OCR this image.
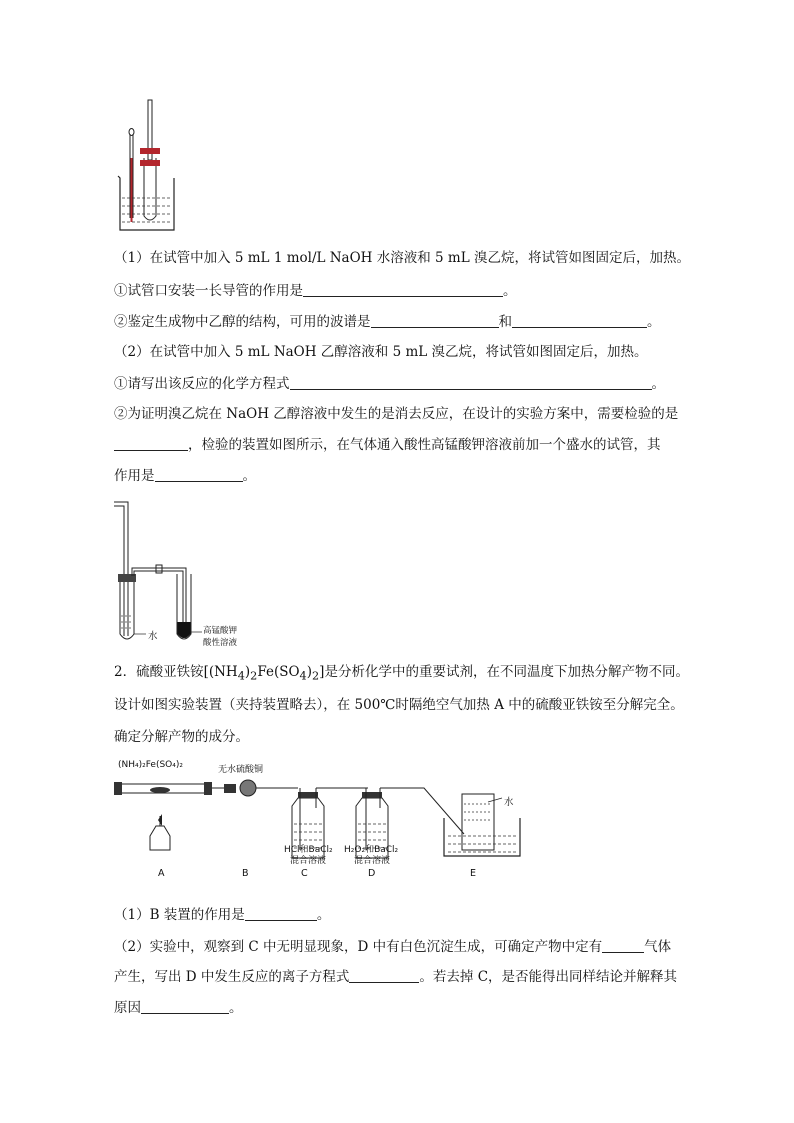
（1）在试管中加入 5 mL 1 mol/L NaOH 水溶液和 5 mL 溴乙烷，将试管如图固定后，加热。
①试管口安装一长导管的作用是	。
②鉴定生成物中乙醇的结构，可用的波谱是	和	。
（2）在试管中加入 5 mL NaOH 乙醇溶液和 5 mL 溴乙烷，将试管如图固定后，加热。
①请写出该反应的化学方程式	。
②为证明溴乙烷在 NaOH 乙醇溶液中发生的是消去反应，在设计的实验方案中，需要检验的是
，检验的装置如图所示，在气体通入酸性高锰酸钾溶液前加一个盛水的试管，其
作用是	。
水	高锰酸钾
酸性溶液
2．硫酸亚铁铵$[(NH_4)_2Fe(SO_4)_2]$是分析化学中的重要试剂，在不同温度下加热分解产物不同。
设计如图实验装置（夹持装置略去），在 500℃时隔绝空气加热 A 中的硫酸亚铁铵至分解完全。
确定分解产物的成分。
(NH₄)₂Fe(SO₄)₂	无水硫酸铜
水
HCl和BaCl₂
混合溶液
H₂O₂和BaCl₂
混合溶液
A	B	C	D	E
（1）B 装置的作用是	。
（2）实验中，观察到 C 中无明显现象，D 中有白色沉淀生成，可确定产物中定有	气体
产生，写出 D 中发生反应的离子方程式	。若去掉 C，是否能得出同样结论并解释其
原因	。
